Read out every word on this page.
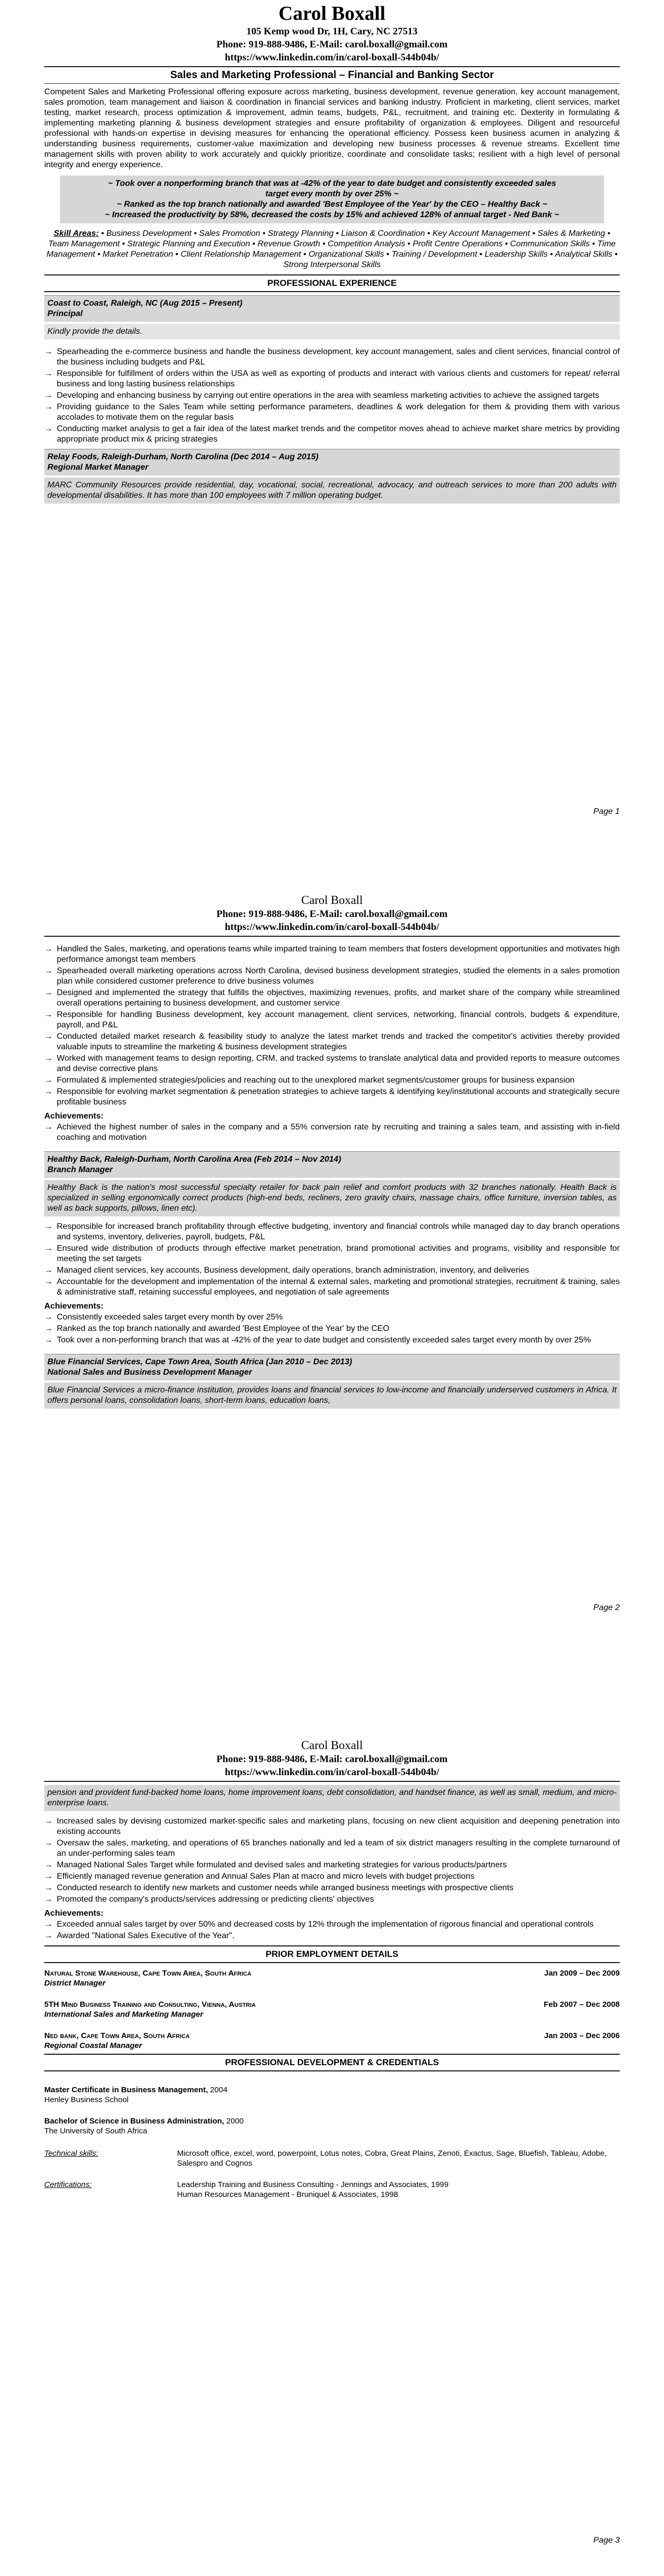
Carol Boxall
105 Kemp wood Dr, 1H, Cary, NC 27513
Phone: 919-888-9486, E-Mail: carol.boxall@gmail.com
https://www.linkedin.com/in/carol-boxall-544b04b/
Sales and Marketing Professional – Financial and Banking Sector
Competent Sales and Marketing Professional offering exposure across marketing, business development, revenue generation, key account management, sales promotion, team management and liaison & coordination in financial services and banking industry. Proficient in marketing, client services, market testing, market research, process optimization & improvement, admin teams, budgets, P&L, recruitment, and training etc. Dexterity in formulating & implementing marketing planning & business development strategies and ensure profitability of organization & employees. Diligent and resourceful professional with hands-on expertise in devising measures for enhancing the operational efficiency. Possess keen business acumen in analyzing & understanding business requirements, customer-value maximization and developing new business processes & revenue streams. Excellent time management skills with proven ability to work accurately and quickly prioritize, coordinate and consolidate tasks; resilient with a high level of personal integrity and energy experience.
~ Took over a nonperforming branch that was at -42% of the year to date budget and consistently exceeded sales target every month by over 25% ~
~ Ranked as the top branch nationally and awarded 'Best Employee of the Year' by the CEO – Healthy Back ~
~ Increased the productivity by 58%, decreased the costs by 15% and achieved 128% of annual target - Ned Bank ~
Skill Areas: • Business Development • Sales Promotion • Strategy Planning • Liaison & Coordination • Key Account Management • Sales & Marketing • Team Management • Strategic Planning and Execution • Revenue Growth • Competition Analysis • Profit Centre Operations • Communication Skills • Time Management • Market Penetration • Client Relationship Management • Organizational Skills • Training / Development • Leadership Skills • Analytical Skills • Strong Interpersonal Skills
PROFESSIONAL EXPERIENCE
Coast to Coast, Raleigh, NC (Aug 2015 – Present)
Principal
Kindly provide the details.
→ Spearheading the e-commerce business and handle the business development, key account management, sales and client services, financial control of the business including budgets and P&L
→ Responsible for fulfillment of orders within the USA as well as exporting of products and interact with various clients and customers for repeat/ referral business and long lasting business relationships
→ Developing and enhancing business by carrying out entire operations in the area with seamless marketing activities to achieve the assigned targets
→ Providing guidance to the Sales Team while setting performance parameters, deadlines & work delegation for them & providing them with various accolades to motivate them on the regular basis
→ Conducting market analysis to get a fair idea of the latest market trends and the competitor moves ahead to achieve market share metrics by providing appropriate product mix & pricing strategies
Relay Foods, Raleigh-Durham, North Carolina (Dec 2014 – Aug 2015)
Regional Market Manager
MARC Community Resources provide residential, day, vocational, social, recreational, advocacy, and outreach services to more than 200 adults with developmental disabilities. It has more than 100 employees with 7 million operating budget.
Page 1
Carol Boxall
Phone: 919-888-9486, E-Mail: carol.boxall@gmail.com
https://www.linkedin.com/in/carol-boxall-544b04b/
→ Handled the Sales, marketing, and operations teams while imparted training to team members that fosters development opportunities and motivates high performance amongst team members
→ Spearheaded overall marketing operations across North Carolina, devised business development strategies, studied the elements in a sales promotion plan while considered customer preference to drive business volumes
→ Designed and implemented the strategy that fulfills the objectives, maximizing revenues, profits, and market share of the company while streamlined overall operations pertaining to business development, and customer service
→ Responsible for handling Business development, key account management, client services, networking, financial controls, budgets & expenditure, payroll, and P&L
→ Conducted detailed market research & feasibility study to analyze the latest market trends and tracked the competitor's activities thereby provided valuable inputs to streamline the marketing & business development strategies
→ Worked with management teams to design reporting, CRM, and tracked systems to translate analytical data and provided reports to measure outcomes and devise corrective plans
→ Formulated & implemented strategies/policies and reaching out to the unexplored market segments/customer groups for business expansion
→ Responsible for evolving market segmentation & penetration strategies to achieve targets & identifying key/institutional accounts and strategically secure profitable business
Achievements:
→ Achieved the highest number of sales in the company and a 55% conversion rate by recruiting and training a sales team, and assisting with in-field coaching and motivation
Healthy Back, Raleigh-Durham, North Carolina Area (Feb 2014 – Nov 2014)
Branch Manager
Healthy Back is the nation's most successful specialty retailer for back pain relief and comfort products with 32 branches nationally. Health Back is specialized in selling ergonomically correct products (high-end beds, recliners, zero gravity chairs, massage chairs, office furniture, inversion tables, as well as back supports, pillows, linen etc).
→ Responsible for increased branch profitability through effective budgeting, inventory and financial controls while managed day to day branch operations and systems, inventory, deliveries, payroll, budgets, P&L
→ Ensured wide distribution of products through effective market penetration, brand promotional activities and programs, visibility and responsible for meeting the set targets
→ Managed client services, key accounts, Business development, daily operations, branch administration, inventory, and deliveries
→ Accountable for the development and implementation of the internal & external sales, marketing and promotional strategies, recruitment & training, sales & administrative staff, retaining successful employees, and negotiation of sale agreements
Achievements:
→ Consistently exceeded sales target every month by over 25%
→ Ranked as the top branch nationally and awarded 'Best Employee of the Year' by the CEO
→ Took over a non-performing branch that was at -42% of the year to date budget and consistently exceeded sales target every month by over 25%
Blue Financial Services, Cape Town Area, South Africa (Jan 2010 – Dec 2013)
National Sales and Business Development Manager
Blue Financial Services a micro-finance institution, provides loans and financial services to low-income and financially underserved customers in Africa. It offers personal loans, consolidation loans, short-term loans, education loans,
Page 2
Carol Boxall
Phone: 919-888-9486, E-Mail: carol.boxall@gmail.com
https://www.linkedin.com/in/carol-boxall-544b04b/
pension and provident fund-backed home loans, home improvement loans, debt consolidation, and handset finance, as well as small, medium, and micro-enterprise loans.
→ Increased sales by devising customized market-specific sales and marketing plans, focusing on new client acquisition and deepening penetration into existing accounts
→ Oversaw the sales, marketing, and operations of 65 branches nationally and led a team of six district managers resulting in the complete turnaround of an under-performing sales team
→ Managed National Sales Target while formulated and devised sales and marketing strategies for various products/partners
→ Efficiently managed revenue generation and Annual Sales Plan at macro and micro levels with budget projections
→ Conducted research to identify new markets and customer needs while arranged business meetings with prospective clients
→ Promoted the company's products/services addressing or predicting clients' objectives
Achievements:
→ Exceeded annual sales target by over 50% and decreased costs by 12% through the implementation of rigorous financial and operational controls
→ Awarded "National Sales Executive of the Year".
PRIOR EMPLOYMENT DETAILS
Natural Stone Warehouse, Cape Town Area, South Africa	Jan 2009 – Dec 2009
District Manager
5TH Mind Business Training and Consulting, Vienna, Austria	Feb 2007 – Dec 2008
International Sales and Marketing Manager
Ned bank, Cape Town Area, South Africa	Jan 2003 – Dec 2006
Regional Coastal Manager
PROFESSIONAL DEVELOPMENT & CREDENTIALS
Master Certificate in Business Management, 2004
Henley Business School
Bachelor of Science in Business Administration, 2000
The University of South Africa
Technical skills:	Microsoft office, excel, word, powerpoint, Lotus notes, Cobra, Great Plains, Zenoti, Exactus, Sage, Bluefish, Tableau, Adobe, Salespro and Cognos
Certifications:	Leadership Training and Business Consulting - Jennings and Associates, 1999
Human Resources Management - Bruniquel & Associates, 1998
Page 3
